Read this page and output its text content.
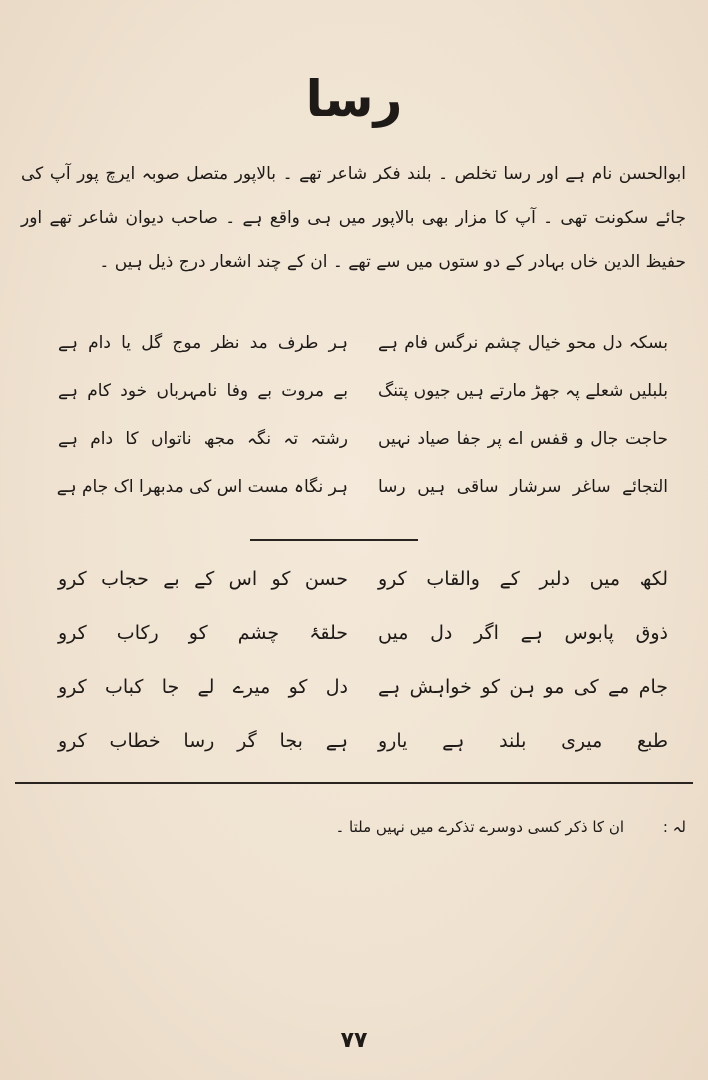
رسا
ابوالحسن نام ہے اور رسا تخلص ۔ بلند فکر شاعر تھے ۔ بالاپور متصل صوبہ ایرچ پور آپ کی جائے سکونت تھی ۔ آپ کا مزار بھی بالاپور میں ہی واقع ہے ۔ صاحب دیوان شاعر تھے اور حفیظ الدین خاں بہادر کے دو ستوں میں سے تھے ۔ ان کے چند اشعار درج ذیل ہیں ۔
بسکہ دل محو خیال چشم نرگس فام ہے
ہر طرف مد نظر موج گل یا دام ہے
بلبلیں شعلے پہ جھڑ مارتے ہیں جیوں پتنگ
بے مروت بے وفا نامہرباں خود کام ہے
حاجت جال و قفس اے پر جفا صیاد نہیں
رشتہ تہ نگہ مجھ ناتواں کا دام ہے
التجائے ساغر سرشار ساقی ہیں رسا
ہر نگاہ مست اس کی مدبھرا اک جام ہے
لکھ میں دلبر کے والقاب کرو
حسن کو اس کے بے حجاب کرو
ذوق پابوس ہے اگر دل میں
حلقۂ چشم کو رکاب کرو
جام مے کی مو ہن کو خواہش ہے
دل کو میرے لے جا کباب کرو
طبع میری بلند ہے یارو
ہے بجا گر رسا خطاب کرو
لہ :
ان کا ذکر کسی دوسرے تذکرے میں نہیں ملتا ۔
۷۷
